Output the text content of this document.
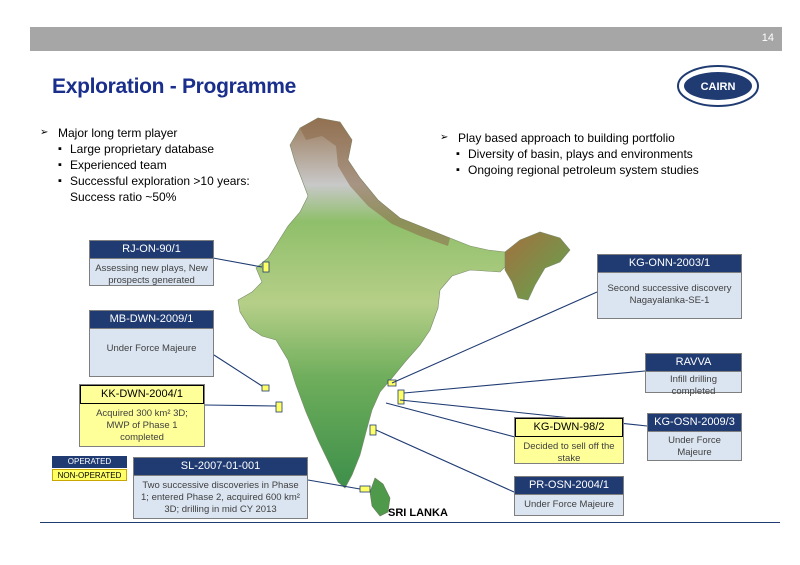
14
Exploration - Programme	CAIRN
➢ Major long term player
▪ Large proprietary database
▪ Experienced team
▪ Successful exploration >10 years: Success ratio ~50%
➢ Play based approach to building portfolio
▪ Diversity of basin, plays and environments
▪ Ongoing regional petroleum system studies
RJ-ON-90/1
Assessing new plays, New prospects generated
MB-DWN-2009/1
Under Force Majeure
KK-DWN-2004/1
Acquired 300 km² 3D; MWP of Phase 1 completed
SL-2007-01-001
Two successive discoveries in Phase 1; entered Phase 2, acquired 600 km² 3D; drilling in mid CY 2013
KG-ONN-2003/1
Second successive discovery Nagayalanka-SE-1
RAVVA
Infill drilling completed
KG-DWN-98/2
Decided to sell off the stake
KG-OSN-2009/3
Under Force Majeure
PR-OSN-2004/1
Under Force Majeure
OPERATED
NON-OPERATED
SRI LANKA
